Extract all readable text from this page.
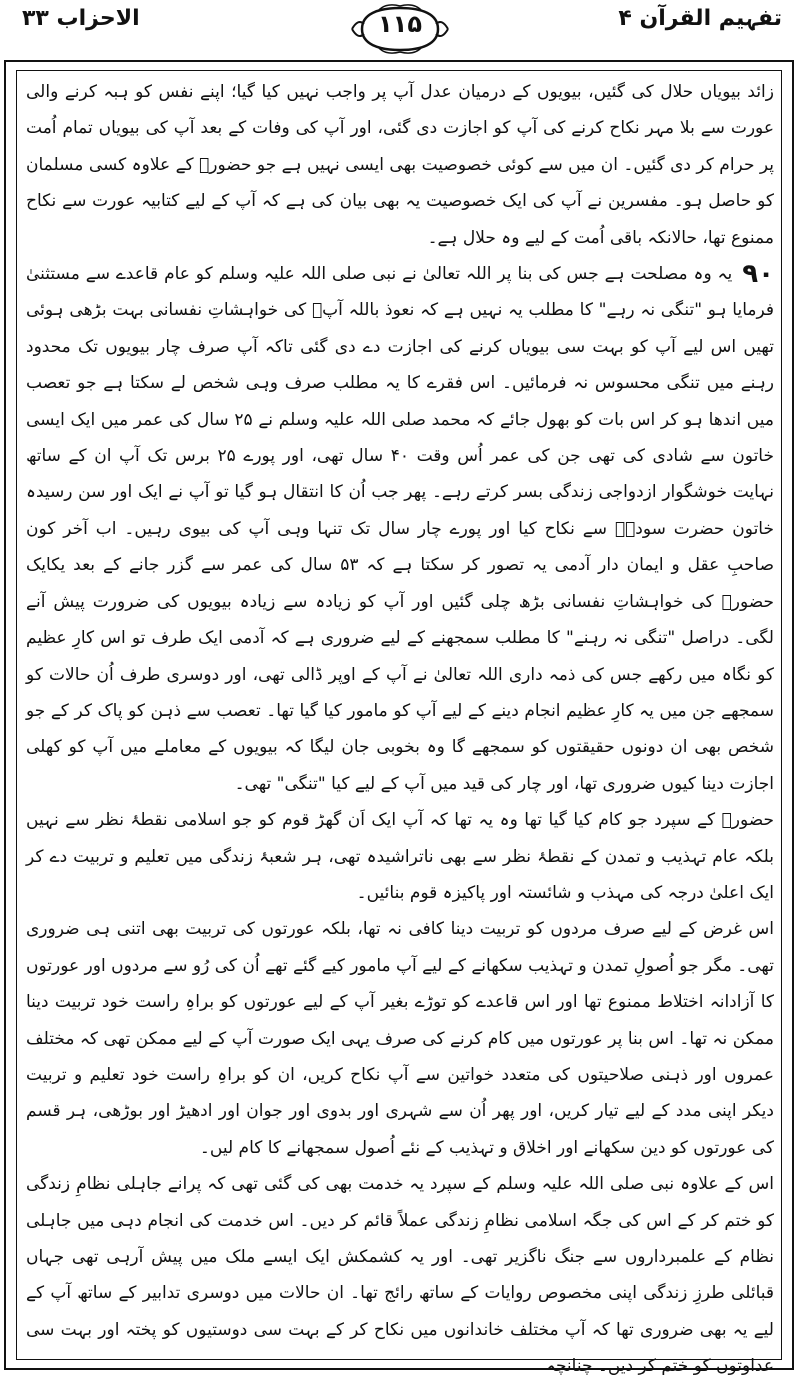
تفہیم القرآن ۴
۱۱۵
الاحزاب ۳۳

زائد بیویاں حلال کی گئیں، بیویوں کے درمیان عدل آپ پر واجب نہیں کیا گیا؛ اپنے نفس کو ہبہ کرنے والی عورت سے بلا مہر نکاح کرنے کی آپ کو اجازت دی گئی، اور آپ کی وفات کے بعد آپ کی بیویاں تمام اُمت پر حرام کر دی گئیں۔ ان میں سے کوئی خصوصیت بھی ایسی نہیں ہے جو حضورؐ کے علاوہ کسی مسلمان کو حاصل ہو۔ مفسرین نے آپ کی ایک خصوصیت یہ بھی بیان کی ہے کہ آپ کے لیے کتابیہ عورت سے نکاح ممنوع تھا، حالانکہ باقی اُمت کے لیے وہ حلال ہے۔

۹۰یہ وہ مصلحت ہے جس کی بنا پر اللہ تعالیٰ نے نبی صلی اللہ علیہ وسلم کو عام قاعدے سے مستثنیٰ فرمایا ہو "تنگی نہ رہے" کا مطلب یہ نہیں ہے کہ نعوذ باللہ آپؐ کی خواہشاتِ نفسانی بہت بڑھی ہوئی تھیں اس لیے آپ کو بہت سی بیویاں کرنے کی اجازت دے دی گئی تاکہ آپ صرف چار بیویوں تک محدود رہنے میں تنگی محسوس نہ فرمائیں۔ اس فقرے کا یہ مطلب صرف وہی شخص لے سکتا ہے جو تعصب میں اندھا ہو کر اس بات کو بھول جائے کہ محمد صلی اللہ علیہ وسلم نے ۲۵ سال کی عمر میں ایک ایسی خاتون سے شادی کی تھی جن کی عمر اُس وقت ۴۰ سال تھی، اور پورے ۲۵ برس تک آپ ان کے ساتھ نہایت خوشگوار ازدواجی زندگی بسر کرتے رہے۔ پھر جب اُن کا انتقال ہو گیا تو آپ نے ایک اور سن رسیدہ خاتون حضرت سودہؓ سے نکاح کیا اور پورے چار سال تک تنہا وہی آپ کی بیوی رہیں۔ اب آخر کون صاحبِ عقل و ایمان دار آدمی یہ تصور کر سکتا ہے کہ ۵۳ سال کی عمر سے گزر جانے کے بعد یکایک حضورؐ کی خواہشاتِ نفسانی بڑھ چلی گئیں اور آپ کو زیادہ سے زیادہ بیویوں کی ضرورت پیش آنے لگی۔ دراصل "تنگی نہ رہنے" کا مطلب سمجھنے کے لیے ضروری ہے کہ آدمی ایک طرف تو اس کارِ عظیم کو نگاہ میں رکھے جس کی ذمہ داری اللہ تعالیٰ نے آپ کے اوپر ڈالی تھی، اور دوسری طرف اُن حالات کو سمجھے جن میں یہ کارِ عظیم انجام دینے کے لیے آپ کو مامور کیا گیا تھا۔ تعصب سے ذہن کو پاک کر کے جو شخص بھی ان دونوں حقیقتوں کو سمجھے گا وہ بخوبی جان لیگا کہ بیویوں کے معاملے میں آپ کو کھلی اجازت دینا کیوں ضروری تھا، اور چار کی قید میں آپ کے لیے کیا "تنگی" تھی۔

حضورؐ کے سپرد جو کام کیا گیا تھا وہ یہ تھا کہ آپ ایک اَن گھڑ قوم کو جو اسلامی نقطۂ نظر سے نہیں بلکہ عام تہذیب و تمدن کے نقطۂ نظر سے بھی ناتراشیدہ تھی، ہر شعبۂ زندگی میں تعلیم و تربیت دے کر ایک اعلیٰ درجہ کی مہذب و شائستہ اور پاکیزہ قوم بنائیں۔

اس غرض کے لیے صرف مردوں کو تربیت دینا کافی نہ تھا، بلکہ عورتوں کی تربیت بھی اتنی ہی ضروری تھی۔ مگر جو اُصولِ تمدن و تہذیب سکھانے کے لیے آپ مامور کیے گئے تھے اُن کی رُو سے مردوں اور عورتوں کا آزادانہ اختلاط ممنوع تھا اور اس قاعدے کو توڑے بغیر آپ کے لیے عورتوں کو براہِ راست خود تربیت دینا ممکن نہ تھا۔ اس بنا پر عورتوں میں کام کرنے کی صرف یہی ایک صورت آپ کے لیے ممکن تھی کہ مختلف عمروں اور ذہنی صلاحیتوں کی متعدد خواتین سے آپ نکاح کریں، ان کو براہِ راست خود تعلیم و تربیت دیکر اپنی مدد کے لیے تیار کریں، اور پھر اُن سے شہری اور بدوی اور جوان اور ادھیڑ اور بوڑھی، ہر قسم کی عورتوں کو دین سکھانے اور اخلاق و تہذیب کے نئے اُصول سمجھانے کا کام لیں۔

اس کے علاوہ نبی صلی اللہ علیہ وسلم کے سپرد یہ خدمت بھی کی گئی تھی کہ پرانے جاہلی نظامِ زندگی کو ختم کر کے اس کی جگہ اسلامی نظامِ زندگی عملاً قائم کر دیں۔ اس خدمت کی انجام دہی میں جاہلی نظام کے علمبرداروں سے جنگ ناگزیر تھی۔ اور یہ کشمکش ایک ایسے ملک میں پیش آرہی تھی جہاں قبائلی طرزِ زندگی اپنی مخصوص روایات کے ساتھ رائج تھا۔ ان حالات میں دوسری تدابیر کے ساتھ آپ کے لیے یہ بھی ضروری تھا کہ آپ مختلف خاندانوں میں نکاح کر کے بہت سی دوستیوں کو پختہ اور بہت سی عداوتوں کو ختم کر دیں۔ چنانچہ
